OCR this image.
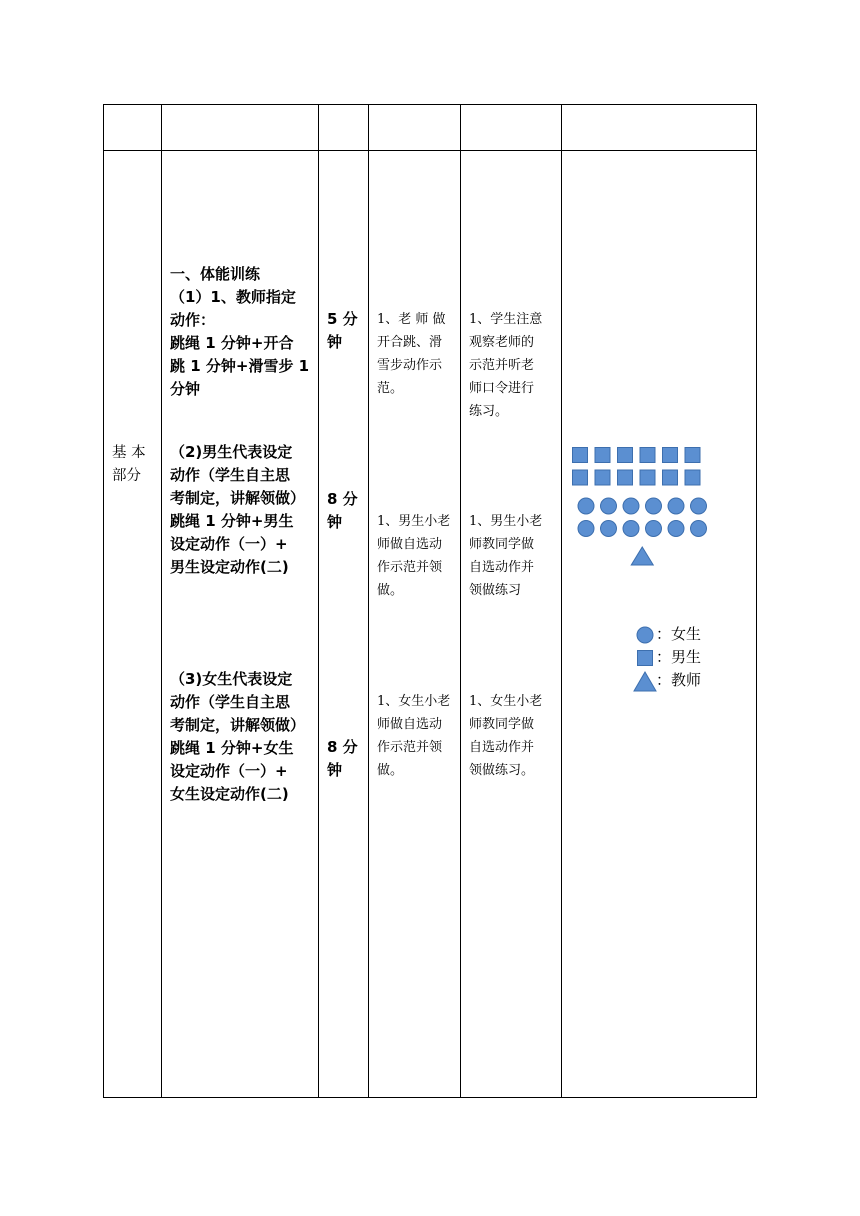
基 本
部分
一、体能训练
（1）1、教师指定
动作：
跳绳 1 分钟+开合
跳 1 分钟+滑雪步 1
分钟
5 分
钟
1、老 师 做
开合跳、滑
雪步动作示
范。
1、学生注意
观察老师的
示范并听老
师口令进行
练习。
（2)男生代表设定
动作（学生自主思
考制定，讲解领做）
跳绳 1 分钟+男生
设定动作（一）+
男生设定动作(二)
8 分
钟	1、男生小老
师做自选动
作示范并领
做。
1、男生小老
师教同学做
自选动作并
领做练习
（3)女生代表设定
动作（学生自主思
考制定，讲解领做）
跳绳 1 分钟+女生
设定动作（一）+
女生设定动作(二)
8 分
钟
1、女生小老
师做自选动
作示范并领
做。
1、女生小老
师教同学做
自选动作并
领做练习。
：女生
：男生
：教师
